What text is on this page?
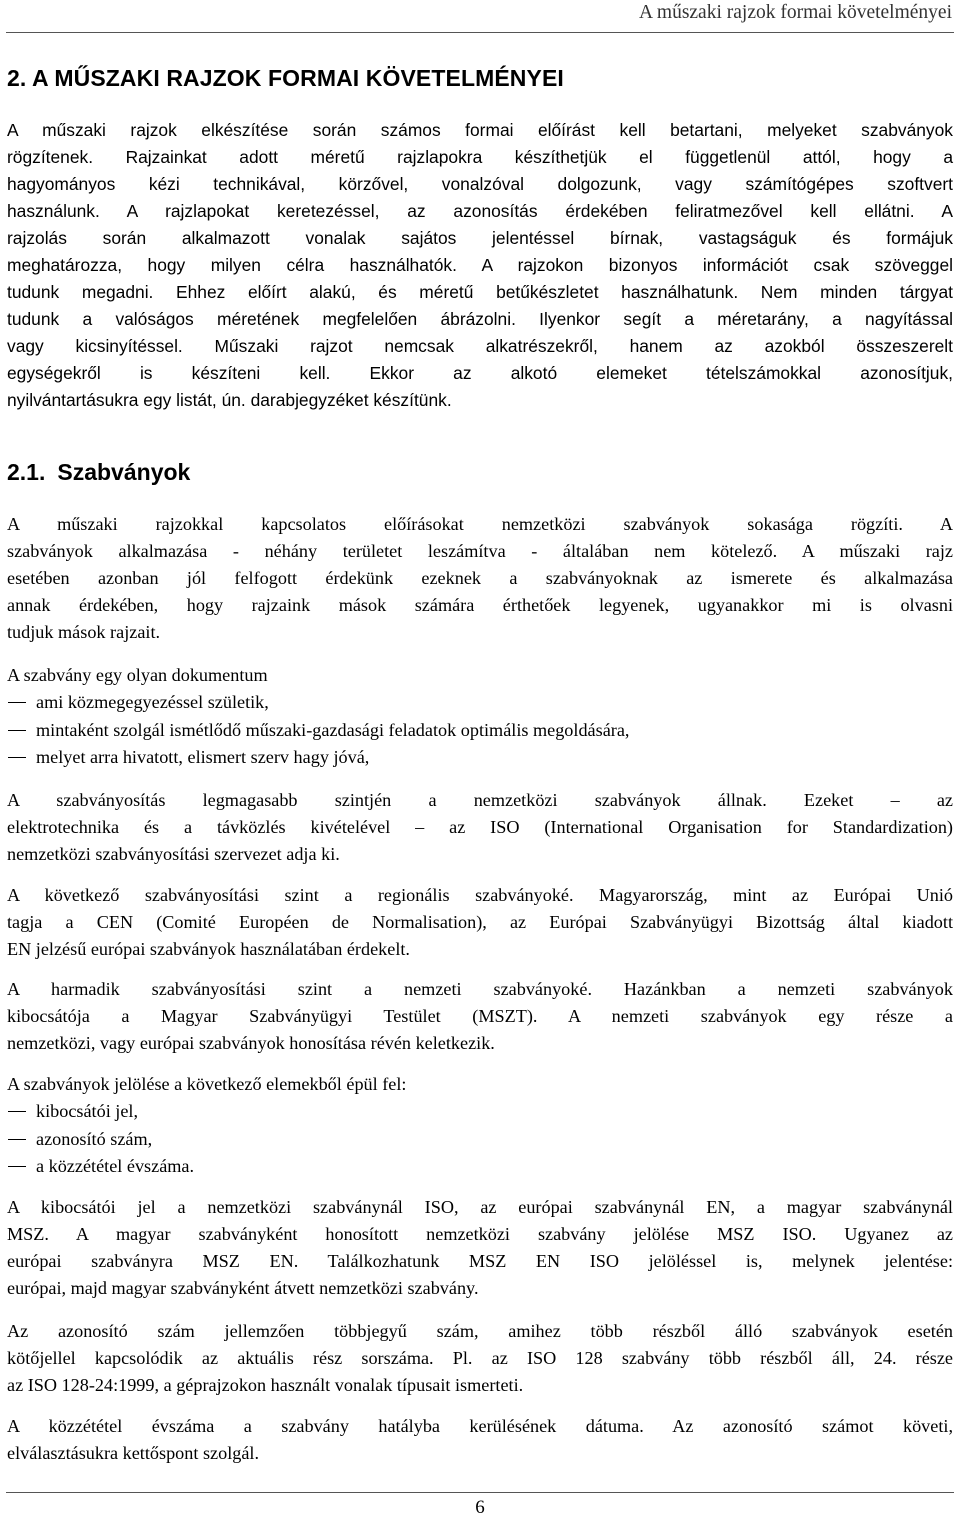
A műszaki rajzok formai követelményei
2. A MŰSZAKI RAJZOK FORMAI KÖVETELMÉNYEI
A műszaki rajzok elkészítése során számos formai előírást kell betartani, melyeket szabványok
rögzítenek. Rajzainkat adott méretű rajzlapokra készíthetjük el függetlenül attól, hogy a
hagyományos kézi technikával, körzővel, vonalzóval dolgozunk, vagy számítógépes szoftvert
használunk. A rajzlapokat keretezéssel, az azonosítás érdekében feliratmezővel kell ellátni. A
rajzolás során alkalmazott vonalak sajátos jelentéssel bírnak, vastagságuk és formájuk
meghatározza, hogy milyen célra használhatók. A rajzokon bizonyos információt csak szöveggel
tudunk megadni. Ehhez előírt alakú, és méretű betűkészletet használhatunk. Nem minden tárgyat
tudunk a valóságos méretének megfelelően ábrázolni. Ilyenkor segít a méretarány, a nagyítással
vagy kicsinyítéssel. Műszaki rajzot nemcsak alkatrészekről, hanem az azokból összeszerelt
egységekről is készíteni kell. Ekkor az alkotó elemeket tételszámokkal azonosítjuk,
nyilvántartásukra egy listát, ún. darabjegyzéket készítünk.
2.1. Szabványok
A műszaki rajzokkal kapcsolatos előírásokat nemzetközi szabványok sokasága rögzíti. A
szabványok alkalmazása - néhány területet leszámítva - általában nem kötelező. A műszaki rajz
esetében azonban jól felfogott érdekünk ezeknek a szabványoknak az ismerete és alkalmazása
annak érdekében, hogy rajzaink mások számára érthetőek legyenek, ugyanakkor mi is olvasni
tudjuk mások rajzait.
A szabvány egy olyan dokumentum
ami közmegegyezéssel születik,
mintaként szolgál ismétlődő műszaki-gazdasági feladatok optimális megoldására,
melyet arra hivatott, elismert szerv hagy jóvá,
A szabványosítás legmagasabb szintjén a nemzetközi szabványok állnak. Ezeket – az
elektrotechnika és a távközlés kivételével – az ISO (International Organisation for Standardization)
nemzetközi szabványosítási szervezet adja ki.
A következő szabványosítási szint a regionális szabványoké. Magyarország, mint az Európai Unió
tagja a CEN (Comité Européen de Normalisation), az Európai Szabványügyi Bizottság által kiadott
EN jelzésű európai szabványok használatában érdekelt.
A harmadik szabványosítási szint a nemzeti szabványoké. Hazánkban a nemzeti szabványok
kibocsátója a Magyar Szabványügyi Testület (MSZT). A nemzeti szabványok egy része a
nemzetközi, vagy európai szabványok honosítása révén keletkezik.
A szabványok jelölése a következő elemekből épül fel:
kibocsátói jel,
azonosító szám,
a közzététel évszáma.
A kibocsátói jel a nemzetközi szabványnál ISO, az európai szabványnál EN, a magyar szabványnál
MSZ. A magyar szabványként honosított nemzetközi szabvány jelölése MSZ ISO. Ugyanez az
európai szabványra MSZ EN. Találkozhatunk MSZ EN ISO jelöléssel is, melynek jelentése:
európai, majd magyar szabványként átvett nemzetközi szabvány.
Az azonosító szám jellemzően többjegyű szám, amihez több részből álló szabványok esetén
kötőjellel kapcsolódik az aktuális rész sorszáma. Pl. az ISO 128 szabvány több részből áll, 24. része
az ISO 128-24:1999, a géprajzokon használt vonalak típusait ismerteti.
A közzététel évszáma a szabvány hatályba kerülésének dátuma. Az azonosító számot követi,
elválasztásukra kettőspont szolgál.
6
